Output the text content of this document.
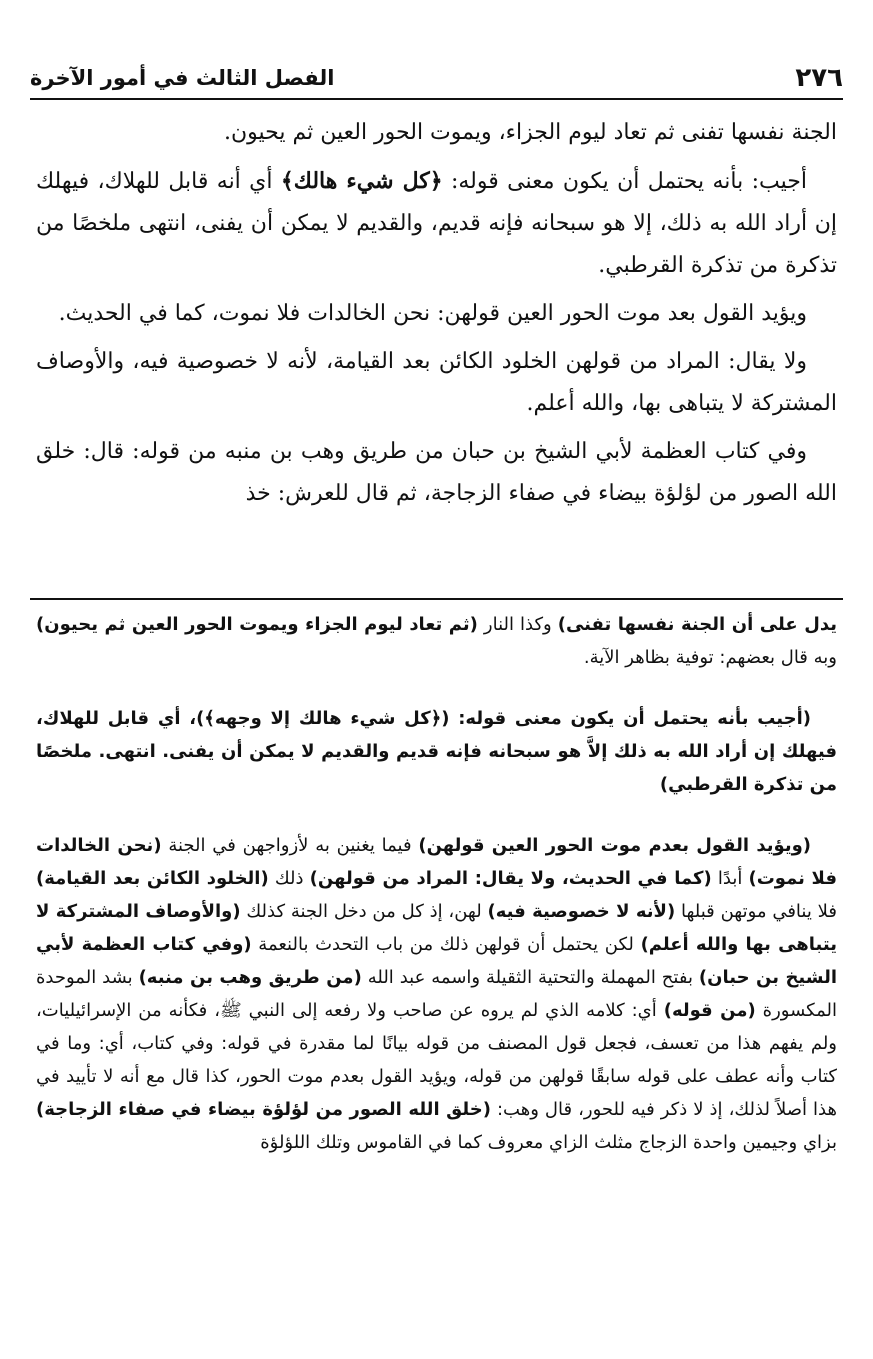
٢٧٦
الفصل الثالث في أمور الآخرة

الجنة نفسها تفنى ثم تعاد ليوم الجزاء، ويموت الحور العين ثم يحيون.

أجيب: بأنه يحتمل أن يكون معنى قوله: ﴿كل شيء هالك﴾ أي أنه قابل للهلاك، فيهلك إن أراد الله به ذلك، إلا هو سبحانه فإنه قديم، والقديم لا يمكن أن يفنى، انتهى ملخصًا من تذكرة من تذكرة القرطبي.

ويؤيد القول بعد موت الحور العين قولهن: نحن الخالدات فلا نموت، كما في الحديث.

ولا يقال: المراد من قولهن الخلود الكائن بعد القيامة، لأنه لا خصوصية فيه، والأوصاف المشتركة لا يتباهى بها، والله أعلم.

وفي كتاب العظمة لأبي الشيخ بن حبان من طريق وهب بن منبه من قوله: قال: خلق الله الصور من لؤلؤة بيضاء في صفاء الزجاجة، ثم قال للعرش: خذ

يدل على أن الجنة نفسها تفنى) وكذا النار (ثم تعاد ليوم الجزاء ويموت الحور العين ثم يحيون) وبه قال بعضهم: توفية بظاهر الآية.

(أجيب بأنه يحتمل أن يكون معنى قوله: (﴿كل شيء هالك إلا وجهه﴾)، أي قابل للهلاك، فيهلك إن أراد الله به ذلك إلاَّ هو سبحانه فإنه قديم والقديم لا يمكن أن يفنى. انتهى. ملخصًا من تذكرة القرطبي)

(ويؤيد القول بعدم موت الحور العين قولهن) فيما يغنين به لأزواجهن في الجنة (نحن الخالدات فلا نموت) أبدًا (كما في الحديث، ولا يقال: المراد من قولهن) ذلك (الخلود الكائن بعد القيامة) فلا ينافي موتهن قبلها (لأنه لا خصوصية فيه) لهن، إذ كل من دخل الجنة كذلك (والأوصاف المشتركة لا يتباهى بها والله أعلم) لكن يحتمل أن قولهن ذلك من باب التحدث بالنعمة (وفي كتاب العظمة لأبي الشيخ بن حبان) بفتح المهملة والتحتية الثقيلة واسمه عبد الله (من طريق وهب بن منبه) بشد الموحدة المكسورة (من قوله) أي: كلامه الذي لم يروه عن صاحب ولا رفعه إلى النبي ﷺ، فكأنه من الإسرائيليات، ولم يفهم هذا من تعسف، فجعل قول المصنف من قوله بيانًا لما مقدرة في قوله: وفي كتاب، أي: وما في كتاب وأنه عطف على قوله سابقًا قولهن من قوله، ويؤيد القول بعدم موت الحور، كذا قال مع أنه لا تأييد في هذا أصلاً لذلك، إذ لا ذكر فيه للحور، قال وهب: (خلق الله الصور من لؤلؤة بيضاء في صفاء الزجاجة) بزاي وجيمين واحدة الزجاج مثلث الزاي معروف كما في القاموس وتلك اللؤلؤة
